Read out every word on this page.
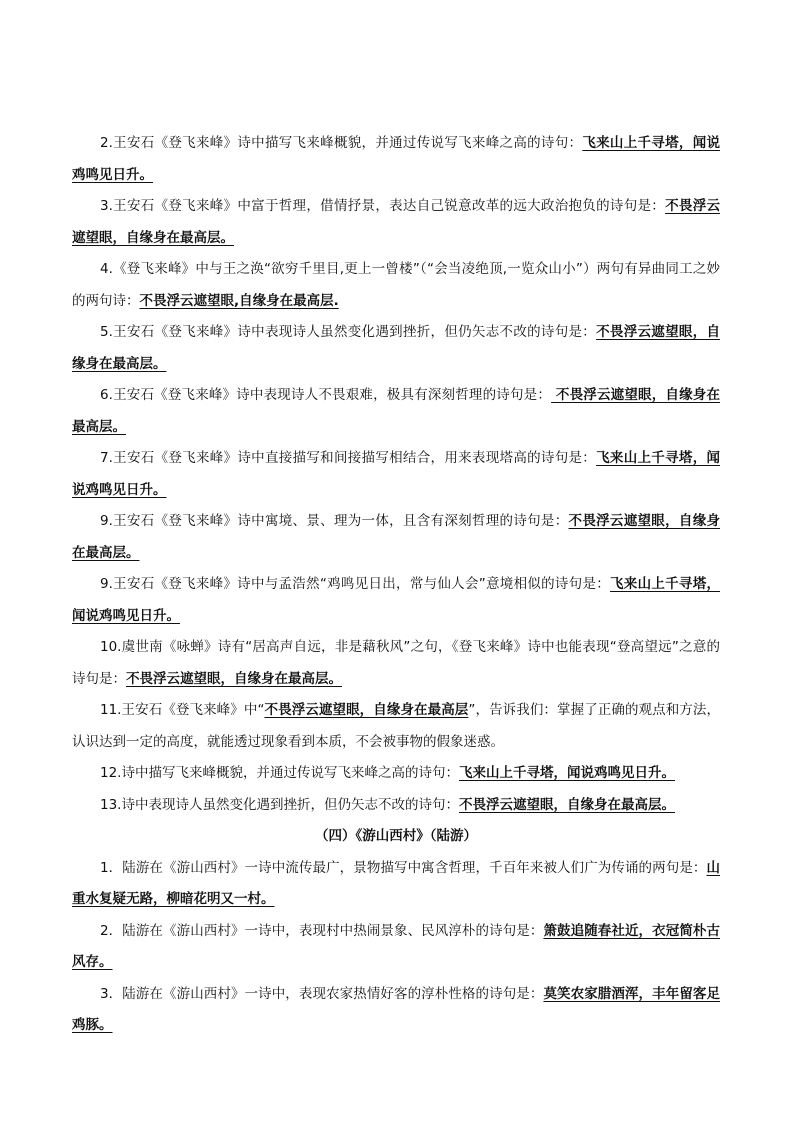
2.王安石《登飞来峰》诗中描写飞来峰概貌，并通过传说写飞来峰之高的诗句：飞来山上千寻塔，闻说鸡鸣见日升。

3.王安石《登飞来峰》中富于哲理，借情抒景，表达自己锐意改革的远大政治抱负的诗句是：不畏浮云遮望眼，自缘身在最高层。

4.《登飞来峰》中与王之涣“欲穷千里目,更上一曾楼”（“会当凌绝顶,一览众山小”）两句有异曲同工之妙的两句诗：不畏浮云遮望眼,自缘身在最高层.

5.王安石《登飞来峰》诗中表现诗人虽然变化遇到挫折，但仍矢志不改的诗句是：不畏浮云遮望眼，自缘身在最高层。

6.王安石《登飞来峰》诗中表现诗人不畏艰难，极具有深刻哲理的诗句是： 不畏浮云遮望眼，自缘身在最高层。

7.王安石《登飞来峰》诗中直接描写和间接描写相结合，用来表现塔高的诗句是：飞来山上千寻塔，闻说鸡鸣见日升。

9.王安石《登飞来峰》诗中寓境、景、理为一体，且含有深刻哲理的诗句是：不畏浮云遮望眼，自缘身在最高层。

9.王安石《登飞来峰》诗中与孟浩然“鸡鸣见日出，常与仙人会”意境相似的诗句是：飞来山上千寻塔，闻说鸡鸣见日升。

10.虞世南《咏蝉》诗有“居高声自远，非是藉秋风”之句，《登飞来峰》诗中也能表现“登高望远”之意的诗句是：不畏浮云遮望眼，自缘身在最高层。

11.王安石《登飞来峰》中“不畏浮云遮望眼，自缘身在最高层”，告诉我们：掌握了正确的观点和方法，认识达到一定的高度，就能透过现象看到本质，不会被事物的假象迷惑。

12.诗中描写飞来峰概貌，并通过传说写飞来峰之高的诗句：飞来山上千寻塔，闻说鸡鸣见日升。

13.诗中表现诗人虽然变化遇到挫折，但仍矢志不改的诗句：不畏浮云遮望眼，自缘身在最高层。

（四）《游山西村》（陆游）

1．陆游在《游山西村》一诗中流传最广，景物描写中寓含哲理，千百年来被人们广为传诵的两句是：山重水复疑无路，柳暗花明又一村。

2．陆游在《游山西村》一诗中，表现村中热闹景象、民风淳朴的诗句是：箫鼓追随春社近，衣冠简朴古风存。

3．陆游在《游山西村》一诗中，表现农家热情好客的淳朴性格的诗句是：莫笑农家腊酒浑，丰年留客足鸡豚。
